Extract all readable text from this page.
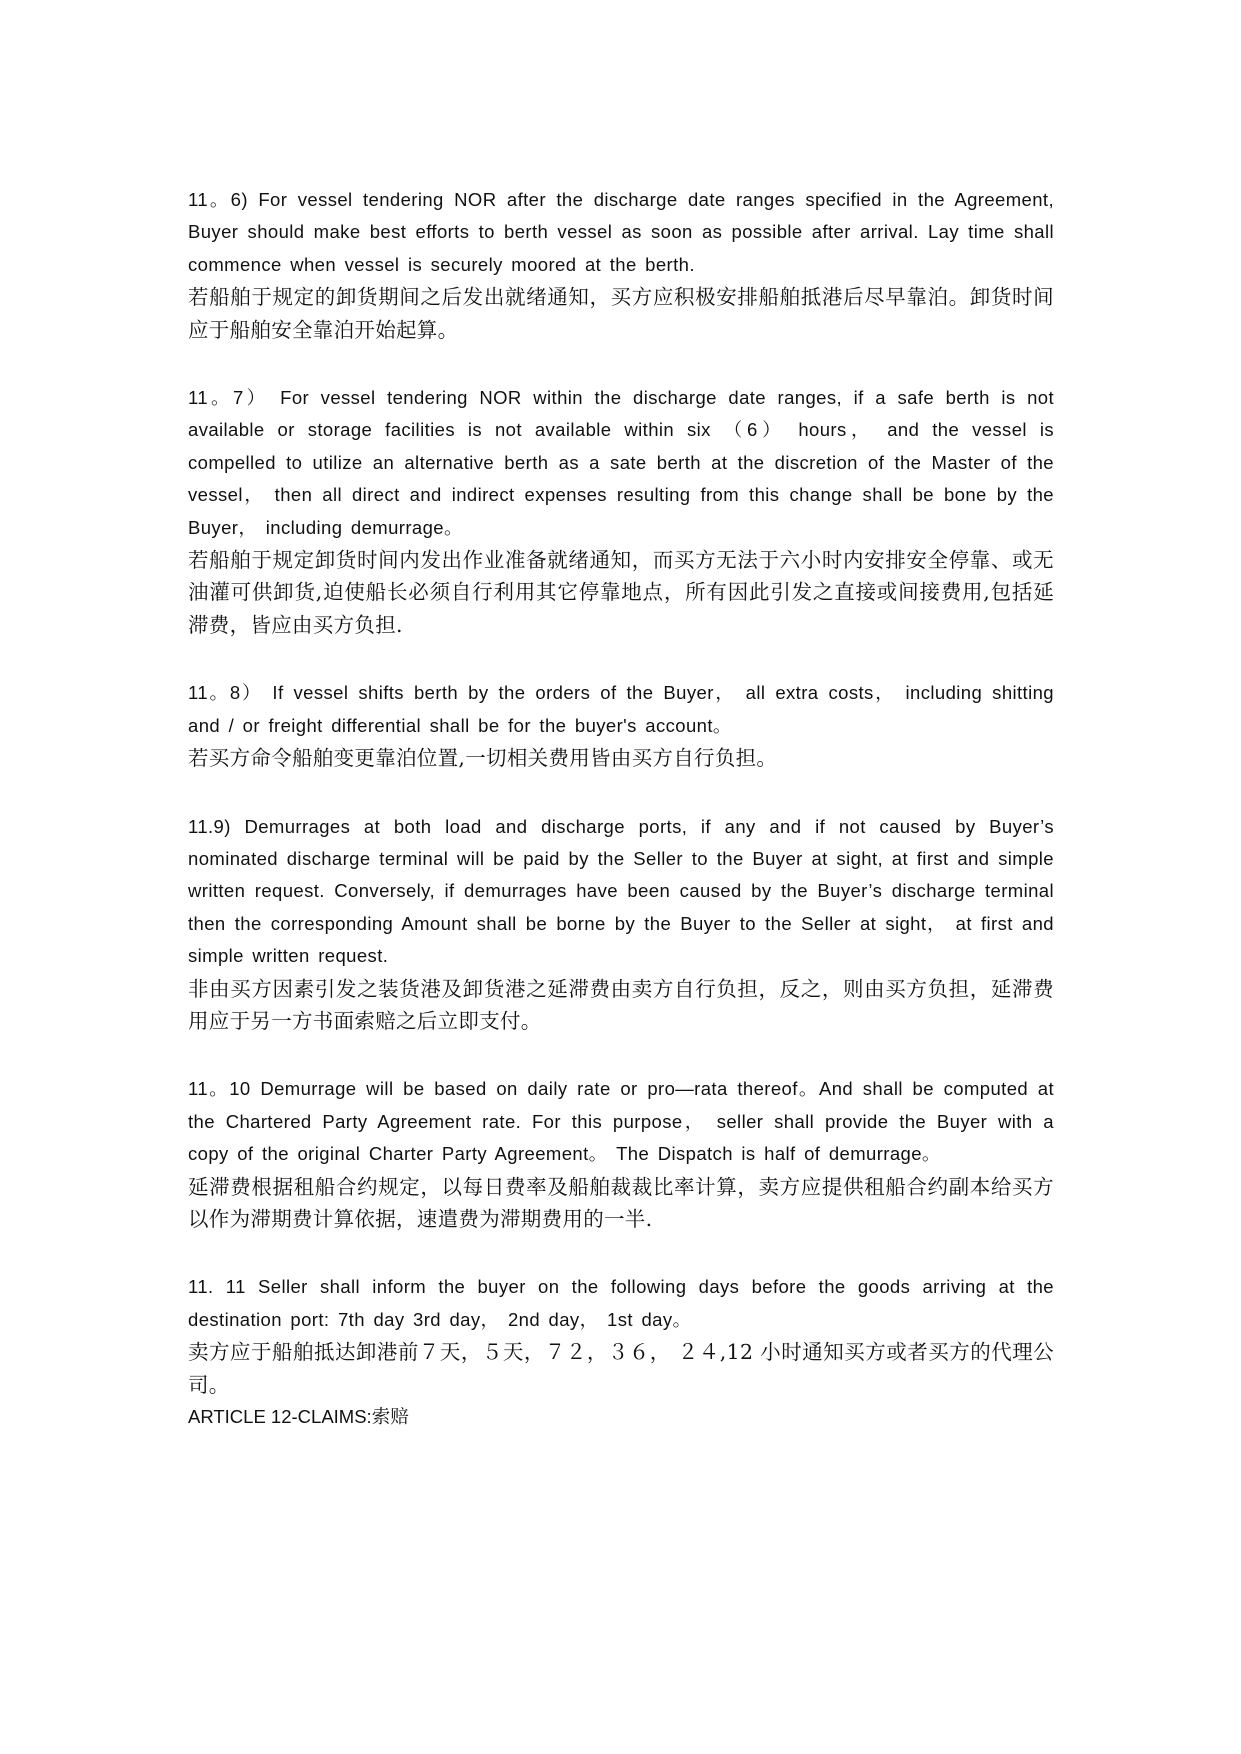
11。6) For vessel tendering NOR after the discharge date ranges specified in the Agreement, Buyer should make best efforts to berth vessel as soon as possible after arrival. Lay time shall commence when vessel is securely moored at the berth.

若船舶于规定的卸货期间之后发出就绪通知，买方应积极安排船舶抵港后尽早靠泊。卸货时间应于船舶安全靠泊开始起算。

11。7） For vessel tendering NOR within the discharge date ranges, if a safe berth is not available or storage facilities is not available within six （6） hours， and the vessel is compelled to utilize an alternative berth as a sate berth at the discretion of the Master of the vessel， then all direct and indirect expenses resulting from this change shall be bone by the Buyer， including demurrage。

若船舶于规定卸货时间内发出作业准备就绪通知，而买方无法于六小时内安排安全停靠、或无油灌可供卸货,迫使船长必须自行利用其它停靠地点，所有因此引发之直接或间接费用,包括延滞费，皆应由买方负担.

11。8） If vessel shifts berth by the orders of the Buyer， all extra costs， including shitting and / or freight differential shall be for the buyer's account。

若买方命令船舶变更靠泊位置,一切相关费用皆由买方自行负担。

11.9) Demurrages at both load and discharge ports, if any and if not caused by Buyer’s nominated discharge terminal will be paid by the Seller to the Buyer at sight, at first and simple written request. Conversely, if demurrages have been caused by the Buyer’s discharge terminal then the corresponding Amount shall be borne by the Buyer to the Seller at sight， at first and simple written request.

非由买方因素引发之装货港及卸货港之延滞费由卖方自行负担，反之，则由买方负担，延滞费用应于另一方书面索赔之后立即支付。

11。10 Demurrage will be based on daily rate or pro—rata thereof。And shall be computed at the Chartered Party Agreement rate. For this purpose， seller shall provide the Buyer with a copy of the original Charter Party Agreement。 The Dispatch is half of demurrage。

延滞费根据租船合约规定，以每日费率及船舶裁裁比率计算，卖方应提供租船合约副本给买方以作为滞期费计算依据，速遣费为滞期费用的一半.

11. 11 Seller shall inform the buyer on the following days before the goods arriving at the destination port: 7th day 3rd day， 2nd day， 1st day。

卖方应于船舶抵达卸港前７天，５天，７２，３６， ２４,12 小时通知买方或者买方的代理公司。

ARTICLE 12-CLAIMS:索赔
